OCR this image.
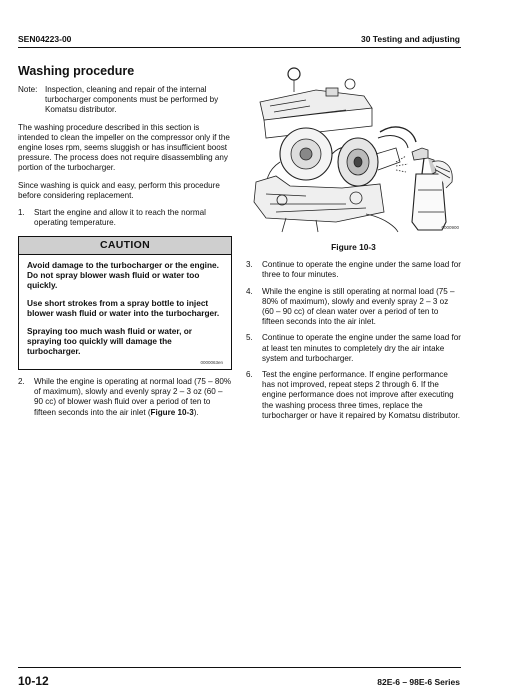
SEN04223-00	30 Testing and adjusting
Washing procedure
Note: Inspection, cleaning and repair of the internal turbocharger components must be performed by Komatsu distributor.

The washing procedure described in this section is intended to clean the impeller on the compressor only if the engine loses rpm, seems sluggish or has insufficient boost pressure. The process does not require disassembling any portion of the turbocharger.

Since washing is quick and easy, perform this procedure before considering replacement.

1.	Start the engine and allow it to reach the normal operating temperature.
CAUTION

Avoid damage to the turbocharger or the engine. Do not spray blower wash fluid or water too quickly.

Use short strokes from a spray bottle to inject blower wash fluid or water into the turbocharger.

Spraying too much wash fluid or water, or spraying too quickly will damage the turbocharger.

0000063en
2.	While the engine is operating at normal load (75 – 80% of maximum), slowly and evenly spray 2 – 3 oz (60 – 90 cc) of blower wash fluid over a period of ten to fifteen seconds into the air inlet (Figure 10-3).
0000900
Figure 10-3
3.	Continue to operate the engine under the same load for three to four minutes.
4.	While the engine is still operating at normal load (75 – 80% of maximum), slowly and evenly spray 2 – 3 oz (60 – 90 cc) of clean water over a period of ten to fifteen seconds into the air inlet.
5.	Continue to operate the engine under the same load for at least ten minutes to completely dry the air intake system and turbocharger.
6.	Test the engine performance. If engine performance has not improved, repeat steps 2 through 6. If the engine performance does not improve after executing the washing process three times, replace the turbocharger or have it repaired by Komatsu distributor.
10-12	82E-6 – 98E-6 Series
